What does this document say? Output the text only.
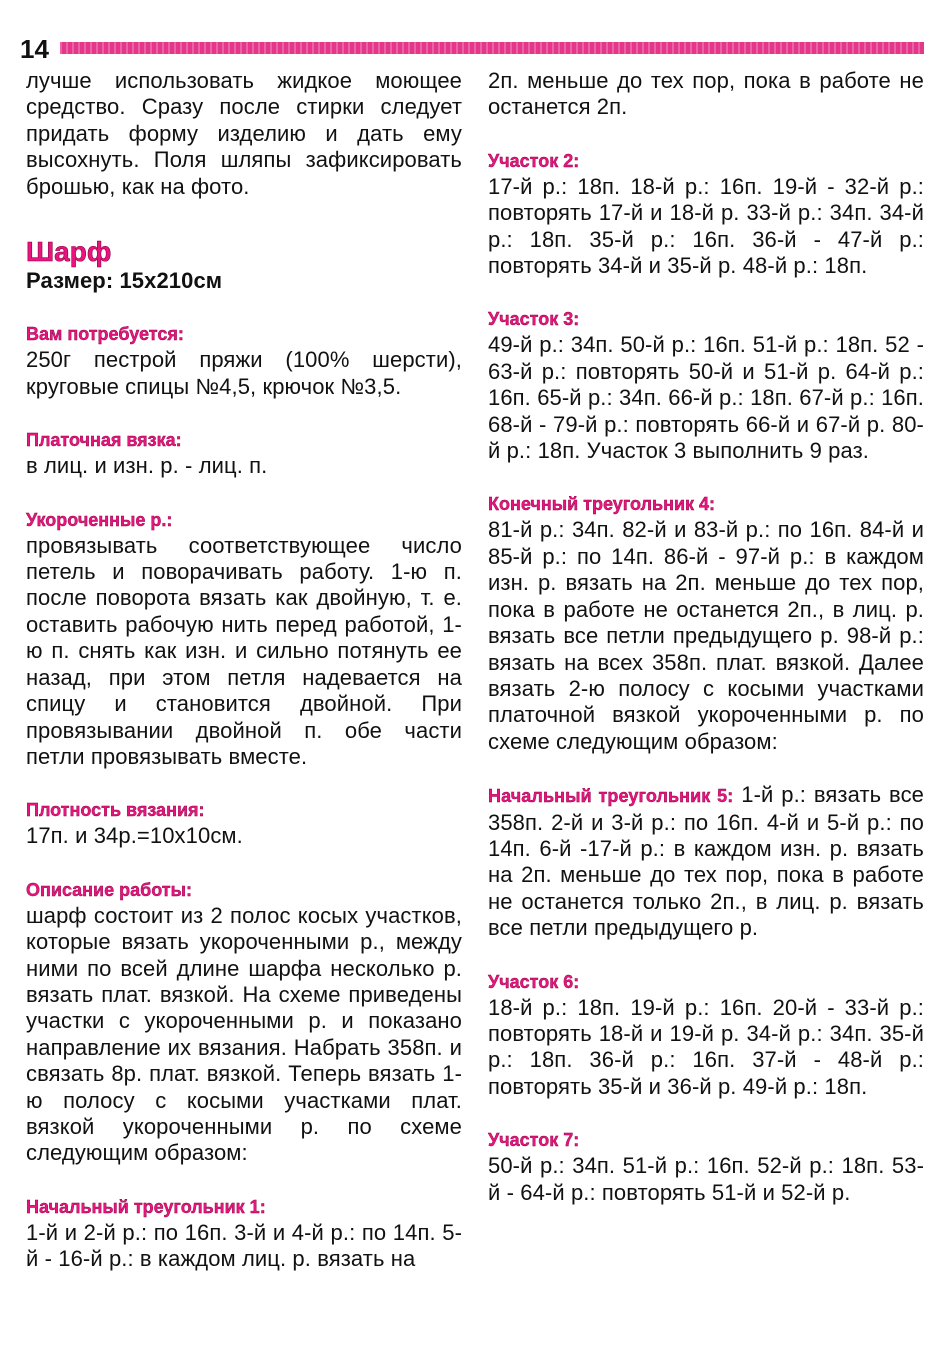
14

лучше использовать жидкое моющее средство. Сразу после стирки следует придать форму изделию и дать ему высохнуть. Поля шляпы зафиксировать брошью, как на фото.

Шарф

Размер: 15х210см

Вам потребуется:

250г пестрой пряжи (100% шерсти), круговые спицы №4,5, крючок №3,5.

Платочная вязка:

в лиц. и изн. р. - лиц. п.

Укороченные р.:

провязывать соответствующее число петель и поворачивать работу. 1-ю п. после поворота вязать как двойную, т. е. оставить рабочую нить перед работой, 1-ю п. снять как изн. и сильно потянуть ее назад, при этом петля надевается на спицу и становится двойной. При провязывании двойной п. обе части петли провязывать вместе.

Плотность вязания:

17п. и 34р.=10х10см.

Описание работы:

шарф состоит из 2 полос косых участков, которые вязать укороченными р., между ними по всей длине шарфа несколько р. вязать плат. вязкой. На схеме приведены участки с укороченными р. и показано направление их вязания. Набрать 358п. и связать 8р. плат. вязкой. Теперь вязать 1-ю полосу с косыми участками плат. вязкой укороченными р. по схеме следующим образом:

Начальный треугольник 1:

1-й и 2-й р.: по 16п. 3-й и 4-й р.: по 14п. 5-й - 16-й р.: в каждом лиц. р. вязать на

2п. меньше до тех пор, пока в работе не останется 2п.

Участок 2:

17-й р.: 18п. 18-й р.: 16п. 19-й - 32-й р.: повторять 17-й и 18-й р. 33-й р.: 34п. 34-й р.: 18п. 35-й р.: 16п. 36-й - 47-й р.: повторять 34-й и 35-й р. 48-й р.: 18п.

Участок 3:

49-й р.: 34п. 50-й р.: 16п. 51-й р.: 18п. 52 - 63-й р.: повторять 50-й и 51-й р. 64-й р.: 16п. 65-й р.: 34п. 66-й р.: 18п. 67-й р.: 16п. 68-й - 79-й р.: повторять 66-й и 67-й р. 80-й р.: 18п. Участок 3 выполнить 9 раз.

Конечный треугольник 4:

81-й р.: 34п. 82-й и 83-й р.: по 16п. 84-й и 85-й р.: по 14п. 86-й - 97-й р.: в каждом изн. р. вязать на 2п. меньше до тех пор, пока в работе не останется 2п., в лиц. р. вязать все петли предыдущего р. 98-й р.: вязать на всех 358п. плат. вязкой. Далее вязать 2-ю полосу с косыми участками платочной вязкой укороченными р. по схеме следующим образом:

Начальный треугольник 5: 1-й р.: вязать все 358п. 2-й и 3-й р.: по 16п. 4-й и 5-й р.: по 14п. 6-й -17-й р.: в каждом изн. р. вязать на 2п. меньше до тех пор, пока в работе не останется только 2п., в лиц. р. вязать все петли предыдущего р.

Участок 6:

18-й р.: 18п. 19-й р.: 16п. 20-й - 33-й р.: повторять 18-й и 19-й р. 34-й р.: 34п. 35-й р.: 18п. 36-й р.: 16п. 37-й - 48-й р.: повторять 35-й и 36-й р. 49-й р.: 18п.

Участок 7:

50-й р.: 34п. 51-й р.: 16п. 52-й р.: 18п. 53-й - 64-й р.: повторять 51-й и 52-й р.
